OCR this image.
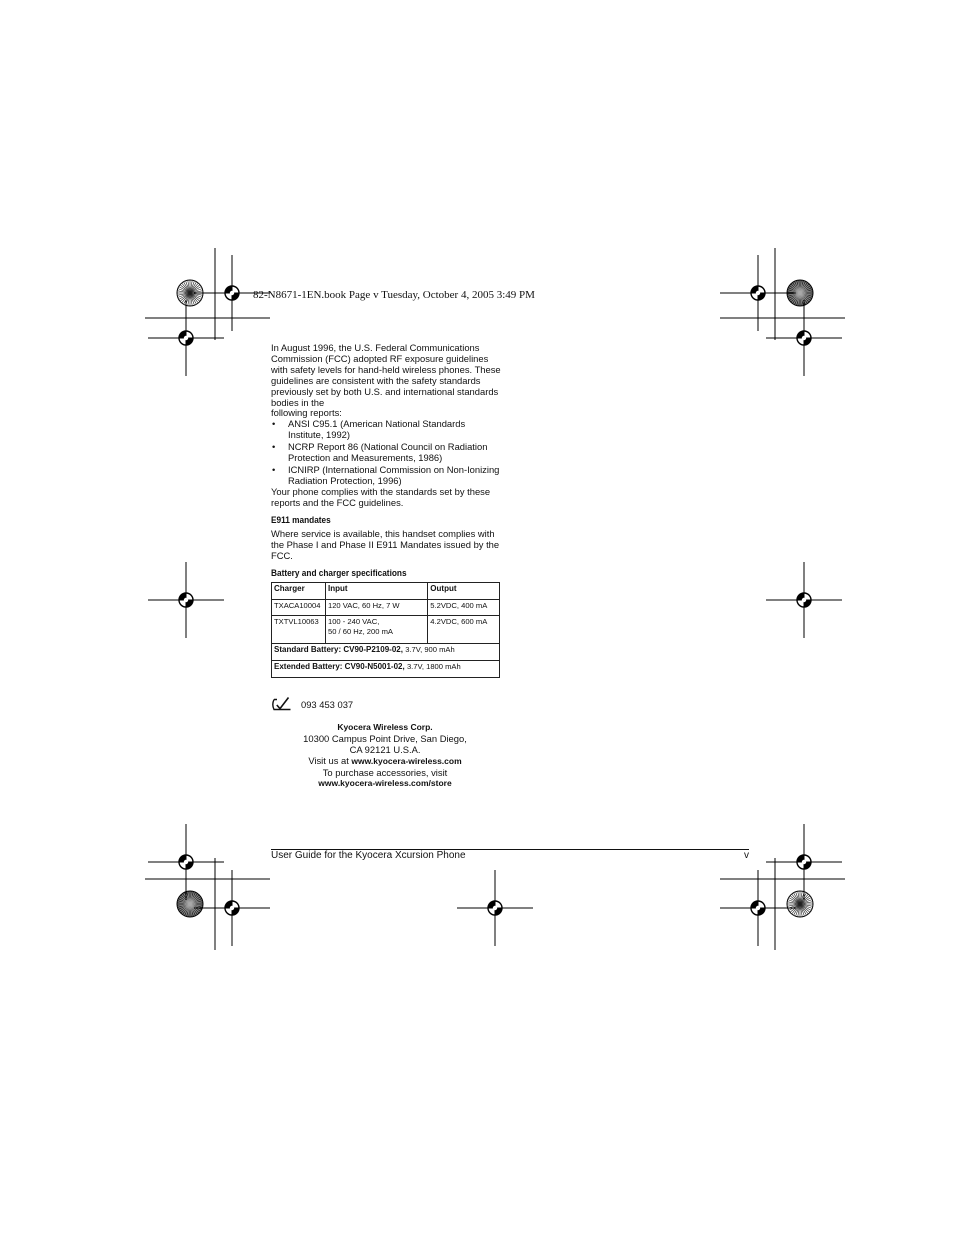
82-N8671-1EN.book Page v Tuesday, October 4, 2005 3:49 PM

In August 1996, the U.S. Federal Communications Commission (FCC) adopted RF exposure guidelines with safety levels for hand-held wireless phones. These guidelines are consistent with the safety standards previously set by both U.S. and international standards bodies in the

following reports:

• ANSI C95.1 (American National Standards Institute, 1992)
• NCRP Report 86 (National Council on Radiation Protection and Measurements, 1986)
• ICNIRP (International Commission on Non-Ionizing Radiation Protection, 1996)

Your phone complies with the standards set by these reports and the FCC guidelines.

E911 mandates

Where service is available, this handset complies with the Phase I and Phase II E911 Mandates issued by the FCC.

Battery and charger specifications
Charger	Input	Output
TXACA10004	120 VAC, 60 Hz, 7 W	5.2VDC, 400 mA
TXTVL10063	100 - 240 VAC,
50 / 60 Hz, 200 mA	4.2VDC, 600 mA
Standard Battery: CV90-P2109-02, 3.7V, 900 mAh		
Extended Battery: CV90-N5001-02, 3.7V, 1800 mAh		
093 453 037
Kyocera Wireless Corp.
10300 Campus Point Drive, San Diego,
CA 92121 U.S.A.
Visit us at www.kyocera-wireless.com
To purchase accessories, visit
www.kyocera-wireless.com/store
User Guide for the Kyocera Xcursion Phone	v
